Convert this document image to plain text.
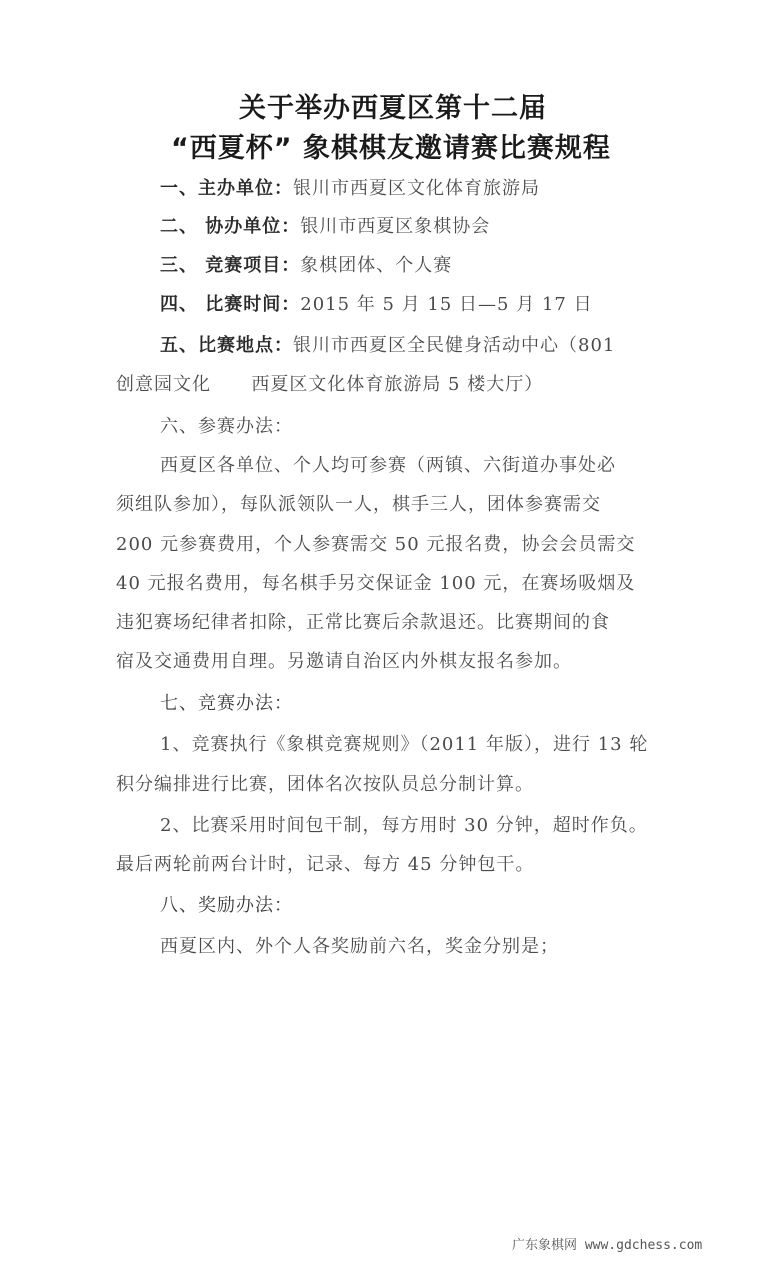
关于举办西夏区第十二届
“西夏杯” 象棋棋友邀请赛比赛规程
一、主办单位：银川市西夏区文化体育旅游局
二、 协办单位：银川市西夏区象棋协会
三、 竞赛项目：象棋团体、个人赛
四、 比赛时间：2015 年 5 月 15 日—5 月 17 日
五、比赛地点：银川市西夏区全民健身活动中心（801
创意园文化      西夏区文化体育旅游局 5 楼大厅）
六、参赛办法：
西夏区各单位、个人均可参赛（两镇、六街道办事处必
须组队参加），每队派领队一人，棋手三人，团体参赛需交
200 元参赛费用，个人参赛需交 50 元报名费，协会会员需交
40 元报名费用，每名棋手另交保证金 100 元，在赛场吸烟及
违犯赛场纪律者扣除，正常比赛后余款退还。比赛期间的食
宿及交通费用自理。另邀请自治区内外棋友报名参加。
七、竞赛办法：
1、竞赛执行《象棋竞赛规则》（2011 年版），进行 13 轮
积分编排进行比赛，团体名次按队员总分制计算。
2、比赛采用时间包干制，每方用时 30 分钟，超时作负。
最后两轮前两台计时，记录、每方 45 分钟包干。
八、奖励办法：
西夏区内、外个人各奖励前六名，奖金分别是；
广东象棋网 www.gdchess.com
